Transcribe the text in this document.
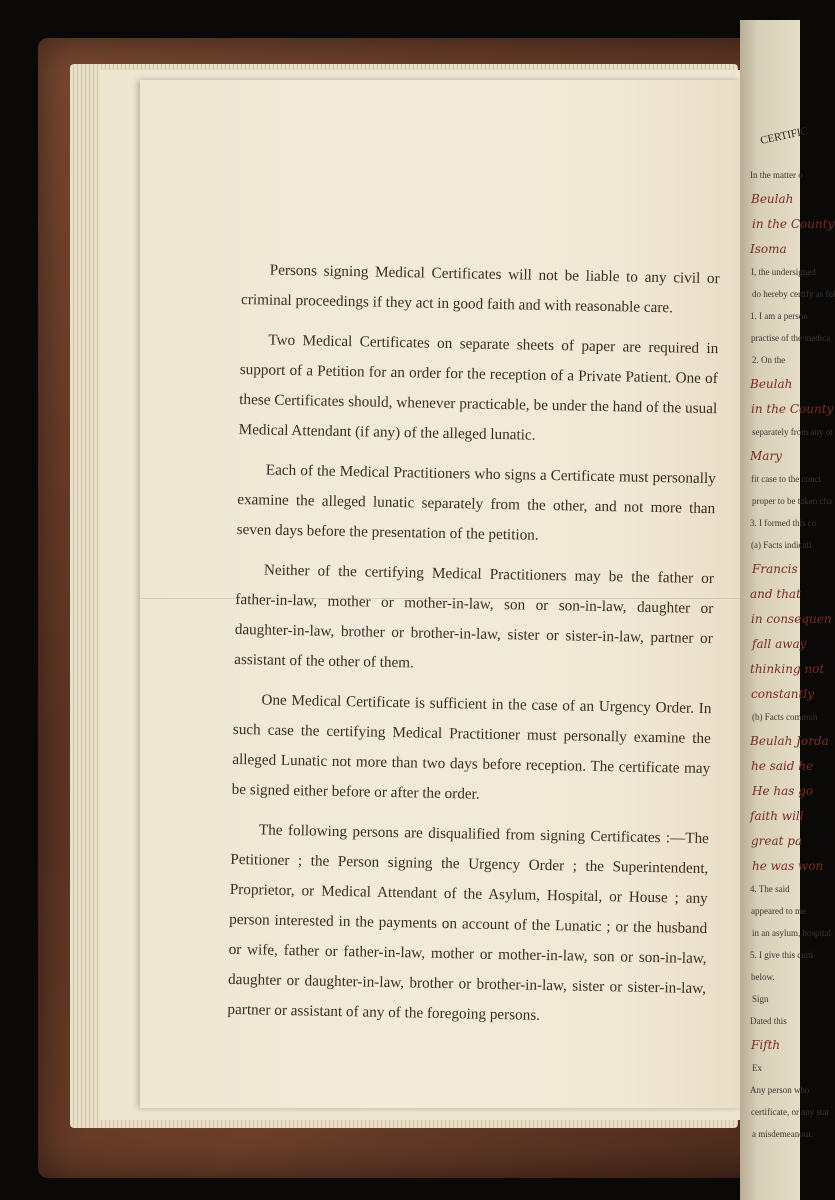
Persons signing Medical Certificates will not be liable to any civil or criminal proceedings if they act in good faith and with reasonable care.

Two Medical Certificates on separate sheets of paper are required in support of a Petition for an order for the reception of a Private Patient. One of these Certificates should, whenever practicable, be under the hand of the usual Medical Attendant (if any) of the alleged lunatic.

Each of the Medical Practitioners who signs a Certificate must personally examine the alleged lunatic separately from the other, and not more than seven days before the presentation of the petition.

Neither of the certifying Medical Practitioners may be the father or father-in-law, mother or mother-in-law, son or son-in-law, daughter or daughter-in-law, brother or brother-in-law, sister or sister-in-law, partner or assistant of the other of them.

One Medical Certificate is sufficient in the case of an Urgency Order. In such case the certifying Medical Practitioner must personally examine the alleged Lunatic not more than two days before reception. The certificate may be signed either before or after the order.

The following persons are disqualified from signing Certificates :—The Petitioner ; the Person signing the Urgency Order ; the Superintendent, Proprietor, or Medical Attendant of the Asylum, Hospital, or House ; any person interested in the payments on account of the Lunatic ; or the husband or wife, father or father-in-law, mother or mother-in-law, son or son-in-law, daughter or daughter-in-law, brother or brother-in-law, sister or sister-in-law, partner or assistant of any of the foregoing persons.

CERTIFIC
In the matter o
Beulah
in the County
Isoma
I, the undersigned
do hereby certify as fol
1. I am a person
practise of the medica
2. On the
Beulah
in the County
separately from any ot
Mary
fit case to the conct
proper to be taken cha
3. I formed this co
(a) Facts indicati
Francis
and that
in consequen
fall away
thinking not
constantly
(b) Facts commun
Beulah Jorda
he said he
He has go
faith will
great pa
he was won
4. The said
appeared to me
in an asylum, hospital
5. I give this certi
below.
Sign
Dated this
Fifth
Ex
Any person who
certificate, or any stat
a misdemeanour.
